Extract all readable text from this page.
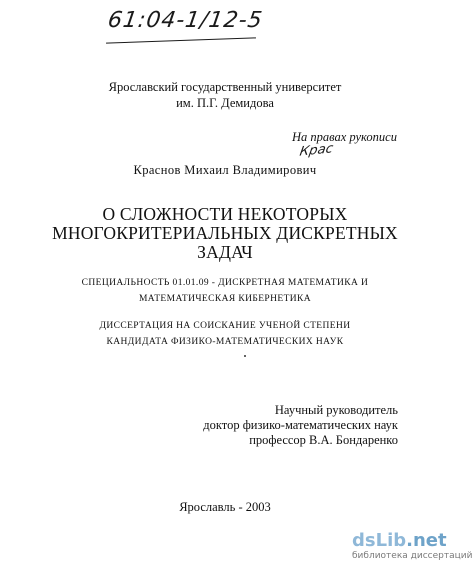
61:04-1/12-5
Ярославский государственный университет
им. П.Г. Демидова
На правах рукописи
Крас
Краснов Михаил Владимирович
О СЛОЖНОСТИ НЕКОТОРЫХ
МНОГОКРИТЕРИАЛЬНЫХ ДИСКРЕТНЫХ
ЗАДАЧ
СПЕЦИАЛЬНОСТЬ 01.01.09 - ДИСКРЕТНАЯ МАТЕМАТИКА И
МАТЕМАТИЧЕСКАЯ КИБЕРНЕТИКА
ДИССЕРТАЦИЯ НА СОИСКАНИЕ УЧЕНОЙ СТЕПЕНИ
КАНДИДАТА ФИЗИКО-МАТЕМАТИЧЕСКИХ НАУК
Научный руководитель
доктор физико-математических наук
профессор В.А. Бондаренко
Ярославль - 2003
dsLib.net
библиотека диссертаций
